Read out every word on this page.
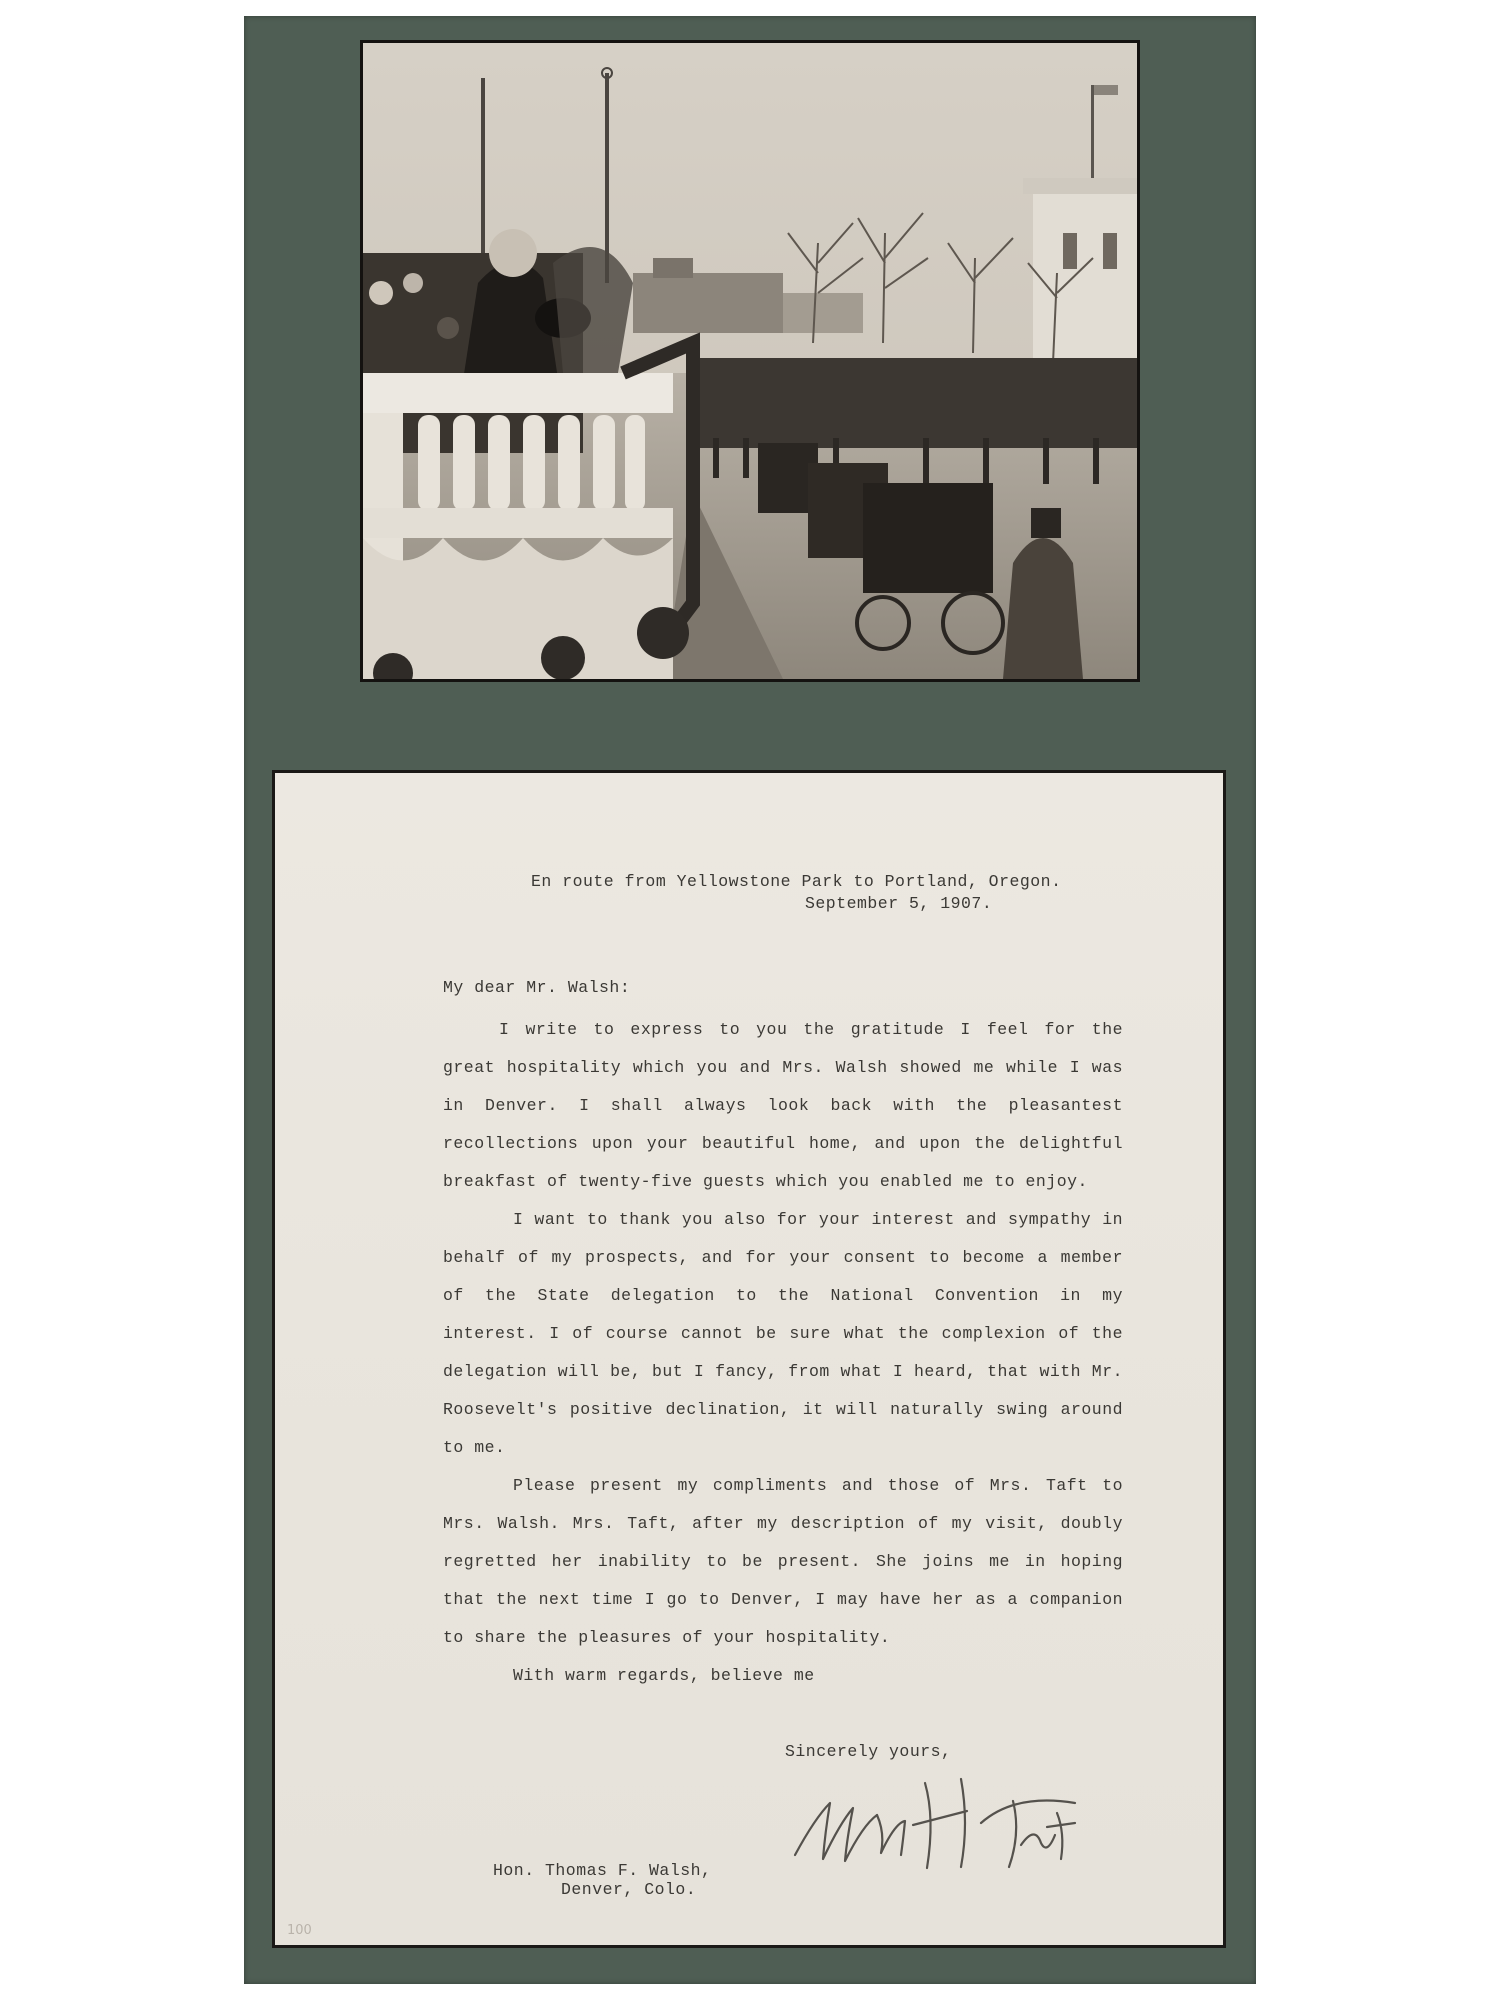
En route from Yellowstone Park to Portland, Oregon.
September 5, 1907.

My dear Mr. Walsh:

I write to express to you the gratitude I feel for the great hospitality which you and Mrs. Walsh showed me while I was in Denver. I shall always look back with the pleasantest recollections upon your beautiful home, and upon the delightful breakfast of twenty-five guests which you enabled me to enjoy.

I want to thank you also for your interest and sympathy in behalf of my prospects, and for your consent to become a member of the State delegation to the National Convention in my interest. I of course cannot be sure what the complexion of the delegation will be, but I fancy, from what I heard, that with Mr. Roosevelt's positive declination, it will naturally swing around to me.

Please present my compliments and those of Mrs. Taft to Mrs. Walsh. Mrs. Taft, after my description of my visit, doubly regretted her inability to be present. She joins me in hoping that the next time I go to Denver, I may have her as a companion to share the pleasures of your hospitality.

With warm regards, believe me

Sincerely yours,
Hon. Thomas F. Walsh,
Denver, Colo.
100
